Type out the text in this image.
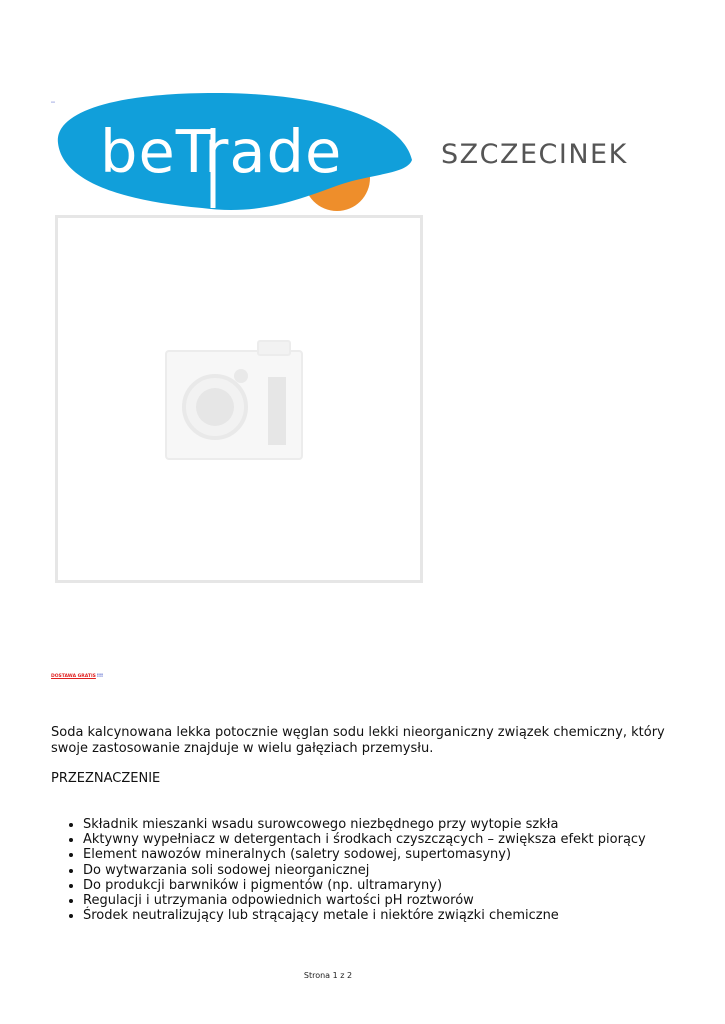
""
beTrade	SZCZECINEK
DOSTAWA GRATIS!!!

Soda kalcynowana lekka potocznie węglan sodu lekki nieorganiczny związek chemiczny, który swoje zastosowanie znajduje w wielu gałęziach przemysłu.

PRZEZNACZENIE
• Składnik mieszanki wsadu surowcowego niezbędnego przy wytopie szkła
• Aktywny wypełniacz w detergentach i środkach czyszczących – zwiększa efekt piorący
• Element nawozów mineralnych (saletry sodowej, supertomasyny)
• Do wytwarzania soli sodowej nieorganicznej
• Do produkcji barwników i pigmentów (np. ultramaryny)
• Regulacji i utrzymania odpowiednich wartości pH roztworów
• Środek neutralizujący lub strącający metale i niektóre związki chemiczne
Strona 1 z 2
